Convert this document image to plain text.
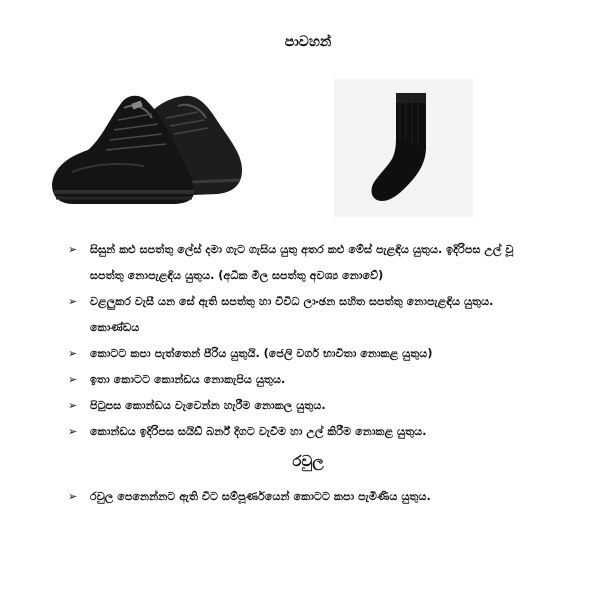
පාවහන්
➢	සිසුන් කළු සපත්තු ලේස් දමා ගැට ගැසිය යුතු අතර කළු මේස් පැළඳිය යුතුය. ඉදිරිපස උල් වූ
සපත්තු නොපැළඳිය යුතුය. (අධික මිල සපත්තු අවශ්‍ය නොවේ)
➢	වළලුකර වැසී යන සේ ඇති සපත්තු හා විවිධ ලාංඡන සහිත සපත්තු නොපැළඳිය යුතුය.
කොණ්ඩය
➢	කොටට කපා පැත්තෙන් පීරිය යුතුයි. (ජෙලි වර්ග භාවිතා නොකළ යුතුය)
➢	ඉතා කොටට කොන්ඩය නොකැපිය යුතුය.
➢	පිටුපස කොන්ඩය වැවෙන්න හැරීම නොකල යුතුය.
➢	කොන්ඩය ඉදිරිපස සයිඩ් බර්න් දිගට වැවීම හා උල් කිරීම නොකළ යුතුය.
රවුල
➢	රවුල පෙනෙන්නට ඇති විට සම්පූර්ණයෙන් කොටට කපා පැමිණිය යුතුය.
